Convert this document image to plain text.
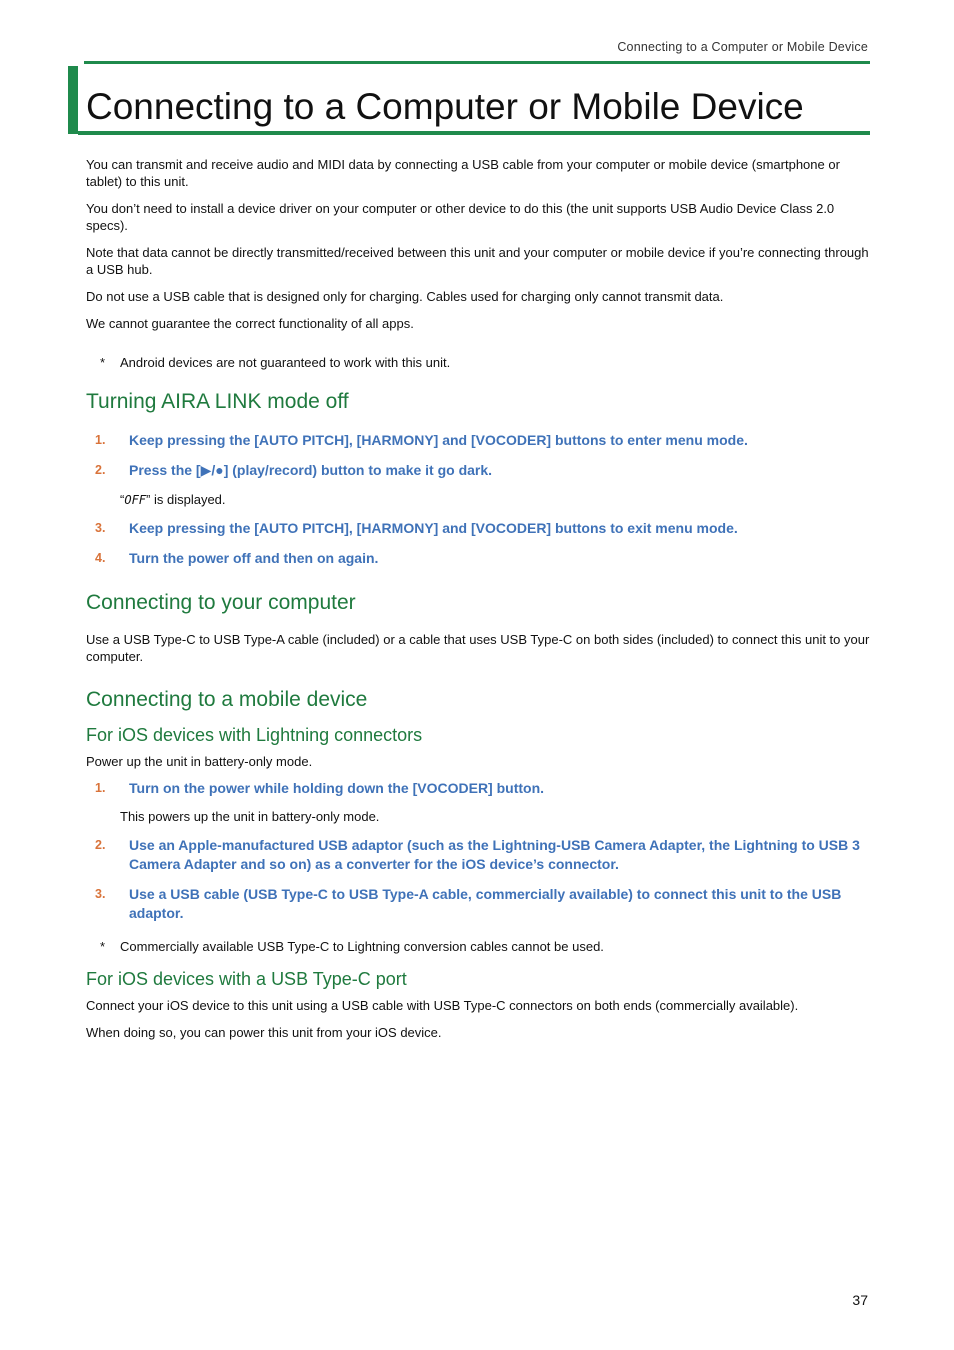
Connecting to a Computer or Mobile Device
Connecting to a Computer or Mobile Device

You can transmit and receive audio and MIDI data by connecting a USB cable from your computer or mobile device (smartphone or tablet) to this unit.

You don’t need to install a device driver on your computer or other device to do this (the unit supports USB Audio Device Class 2.0 specs).

Note that data cannot be directly transmitted/received between this unit and your computer or mobile device if you’re connecting through a USB hub.

Do not use a USB cable that is designed only for charging. Cables used for charging only cannot transmit data.

We cannot guarantee the correct functionality of all apps.

*	Android devices are not guaranteed to work with this unit.
Turning AIRA LINK mode off
1.	Keep pressing the [AUTO PITCH], [HARMONY] and [VOCODER] buttons to enter menu mode.
2.	Press the [▶/●] (play/record) button to make it go dark.
“OFF” is displayed.
3.	Keep pressing the [AUTO PITCH], [HARMONY] and [VOCODER] buttons to exit menu mode.
4.	Turn the power off and then on again.
Connecting to your computer

Use a USB Type-C to USB Type-A cable (included) or a cable that uses USB Type-C on both sides (included) to connect this unit to your computer.

Connecting to a mobile device
For iOS devices with Lightning connectors

Power up the unit in battery-only mode.

1.	Turn on the power while holding down the [VOCODER] button.
This powers up the unit in battery-only mode.
2.	Use an Apple-manufactured USB adaptor (such as the Lightning-USB Camera Adapter, the Lightning to USB 3 Camera Adapter and so on) as a converter for the iOS device’s connector.
3.	Use a USB cable (USB Type-C to USB Type-A cable, commercially available) to connect this unit to the USB adaptor.
*	Commercially available USB Type-C to Lightning conversion cables cannot be used.
For iOS devices with a USB Type-C port

Connect your iOS device to this unit using a USB cable with USB Type-C connectors on both ends (commercially available).

When doing so, you can power this unit from your iOS device.

37
